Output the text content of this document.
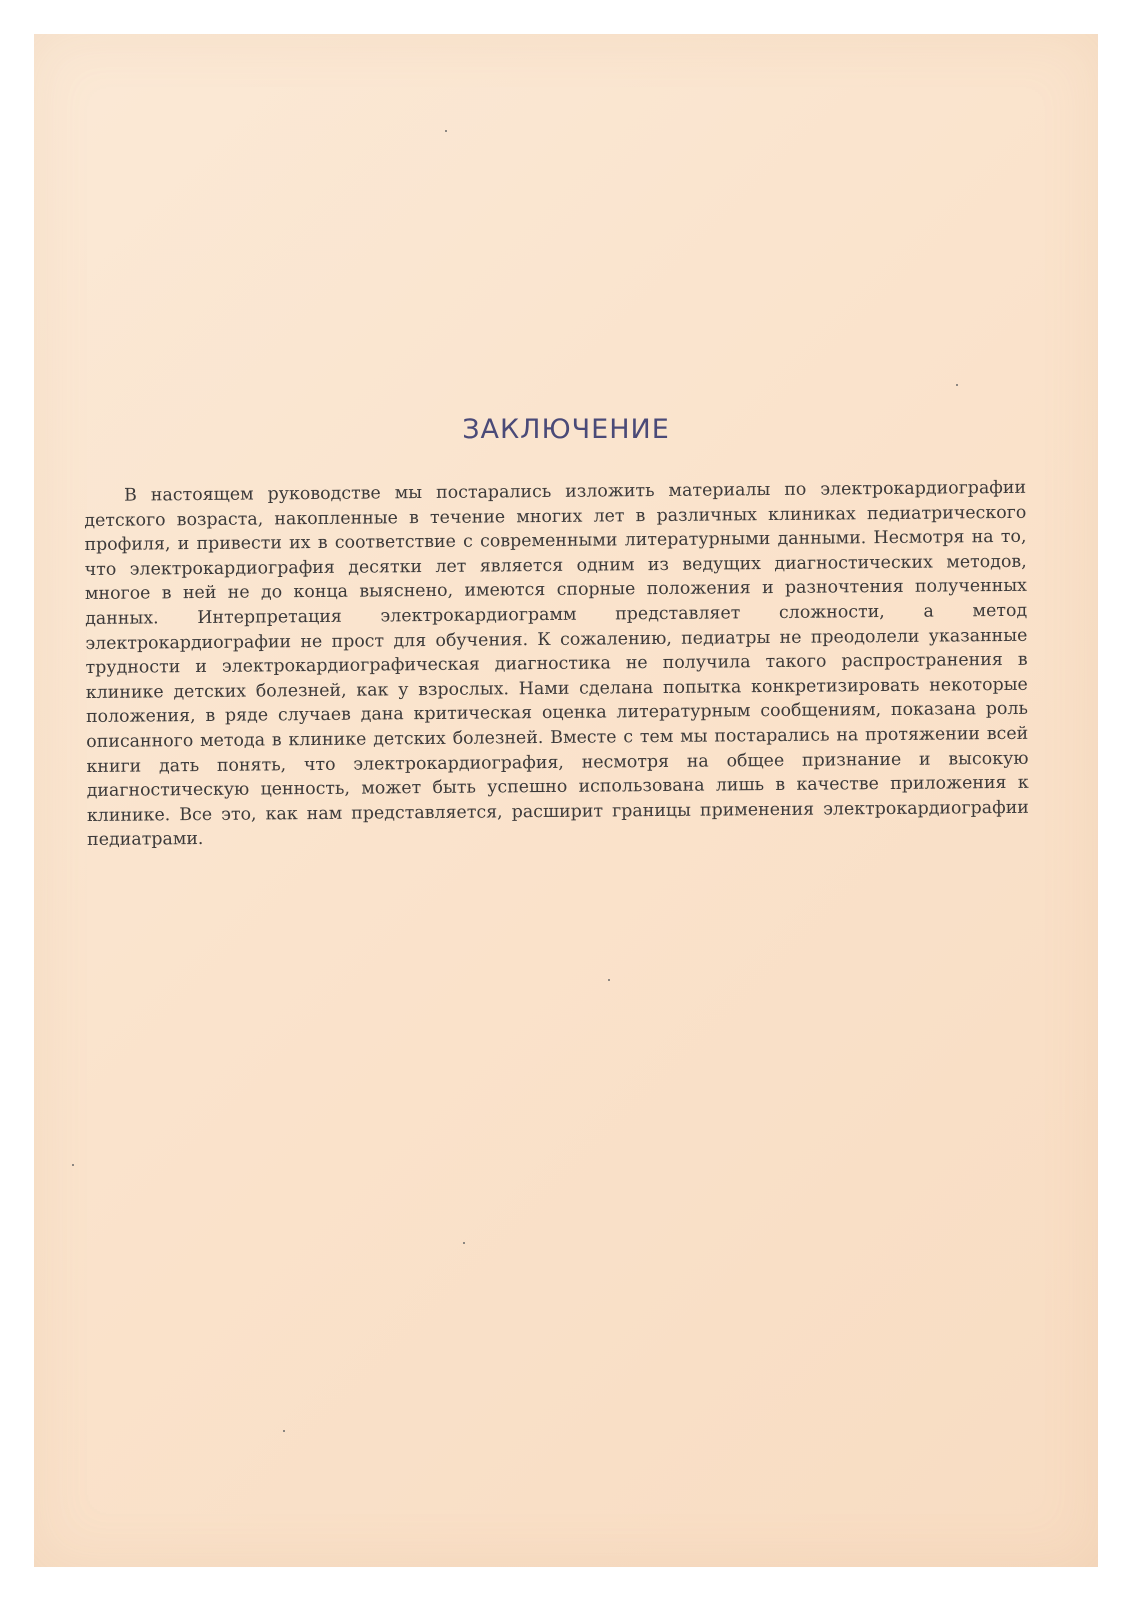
ЗАКЛЮЧЕНИЕ

В настоящем руководстве мы постарались изложить материалы по электрокардиографии детского возраста, накопленные в течение многих лет в различных клиниках педиатрического профиля, и привести их в соответствие с современными литературными данными. Несмотря на то, что электрокардиография десятки лет является одним из ведущих диагностических методов, многое в ней не до конца выяснено, имеются спорные положения и разночтения полученных данных. Интерпретация электрокардиограмм представляет сложности, а метод электрокардиографии не прост для обучения. К сожалению, педиатры не преодолели указанные трудности и электрокардиографическая диагностика не получила такого распространения в клинике детских болезней, как у взрослых. Нами сделана попытка конкретизировать некоторые положения, в ряде случаев дана критическая оценка литературным сообщениям, показана роль описанного метода в клинике детских болезней. Вместе с тем мы постарались на протяжении всей книги дать понять, что электрокардиография, несмотря на общее признание и высокую диагностическую ценность, может быть успешно использована лишь в качестве приложения к клинике. Все это, как нам представляется, расширит границы применения электрокардиографии педиатрами.
